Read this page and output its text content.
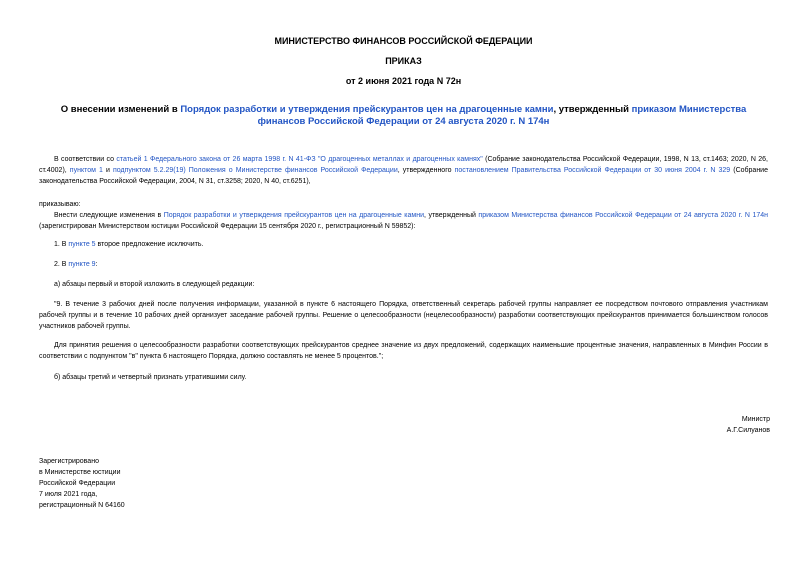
МИНИСТЕРСТВО ФИНАНСОВ РОССИЙСКОЙ ФЕДЕРАЦИИ
ПРИКАЗ
от 2 июня 2021 года N 72н
О внесении изменений в Порядок разработки и утверждения прейскурантов цен на драгоценные камни, утвержденный приказом Министерства финансов Российской Федерации от 24 августа 2020 г. N 174н

В соответствии со статьей 1 Федерального закона от 26 марта 1998 г. N 41-ФЗ "О драгоценных металлах и драгоценных камнях" (Собрание законодательства Российской Федерации, 1998, N 13, ст.1463; 2020, N 26, ст.4002), пунктом 1 и подпунктом 5.2.29(19) Положения о Министерстве финансов Российской Федерации, утвержденного постановлением Правительства Российской Федерации от 30 июня 2004 г. N 329 (Собрание законодательства Российской Федерации, 2004, N 31, ст.3258; 2020, N 40, ст.6251),

приказываю:

Внести следующие изменения в Порядок разработки и утверждения прейскурантов цен на драгоценные камни, утвержденный приказом Министерства финансов Российской Федерации от 24 августа 2020 г. N 174н (зарегистрирован Министерством юстиции Российской Федерации 15 сентября 2020 г., регистрационный N 59852):

1. В пункте 5 второе предложение исключить.

2. В пункте 9:

а) абзацы первый и второй изложить в следующей редакции:

"9. В течение 3 рабочих дней после получения информации, указанной в пункте 6 настоящего Порядка, ответственный секретарь рабочей группы направляет ее посредством почтового отправления участникам рабочей группы и в течение 10 рабочих дней организует заседание рабочей группы. Решение о целесообразности (нецелесообразности) разработки соответствующих прейскурантов принимается большинством голосов участников рабочей группы.

Для принятия решения о целесообразности разработки соответствующих прейскурантов среднее значение из двух предложений, содержащих наименьшие процентные значения, направленных в Минфин России в соответствии с подпунктом "в" пункта 6 настоящего Порядка, должно составлять не менее 5 процентов.";

б) абзацы третий и четвертый признать утратившими силу.

Министр
А.Г.Силуанов
Зарегистрировано
в Министерстве юстиции
Российской Федерации
7 июля 2021 года,
регистрационный N 64160
